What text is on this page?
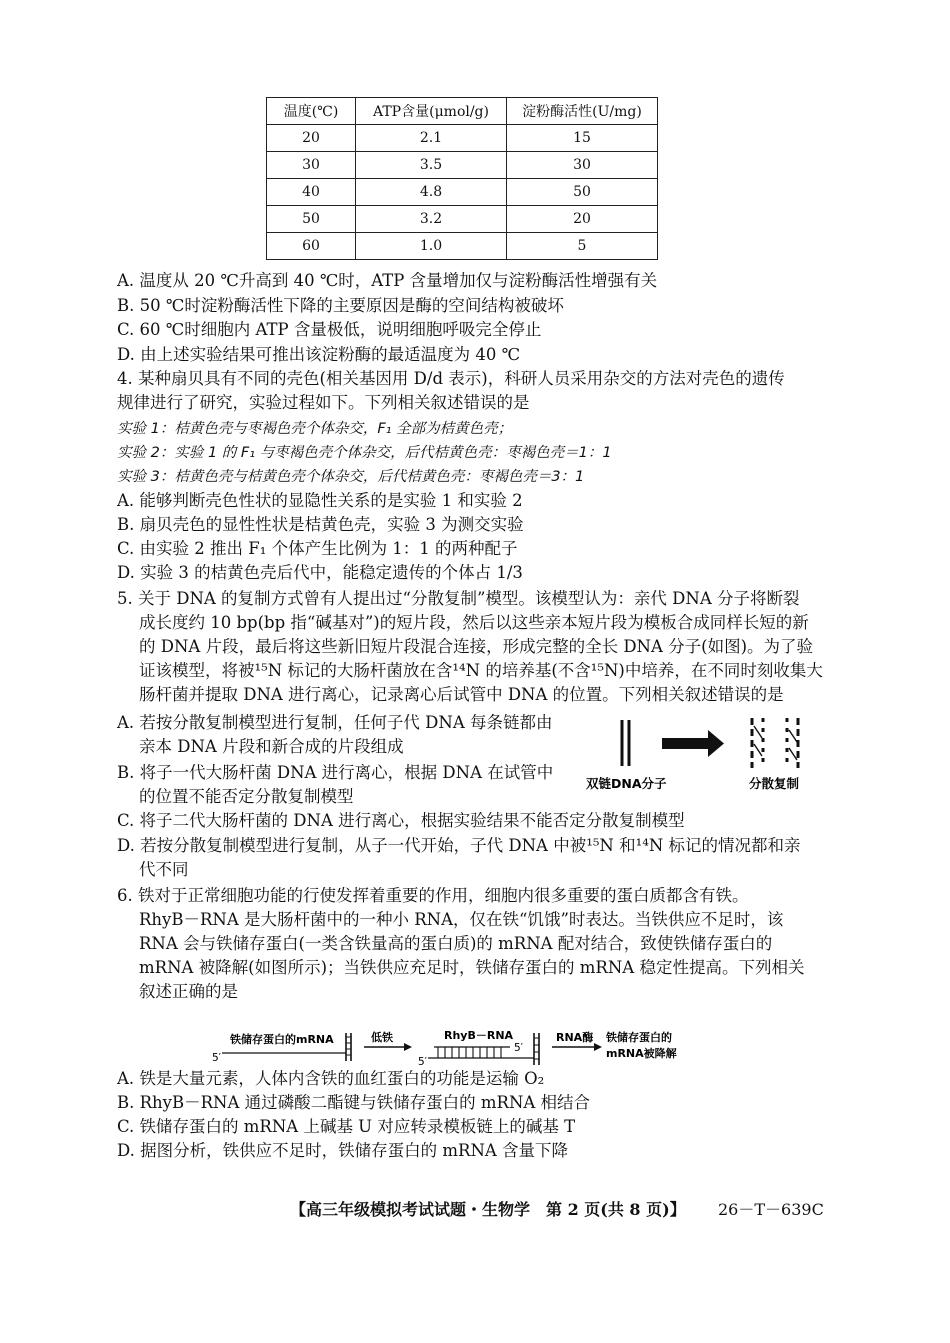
温度(℃)	ATP含量(μmol/g)	淀粉酶活性(U/mg)
20	2.1	15
30	3.5	30
40	4.8	50
50	3.2	20
60	1.0	5
A. 温度从 20 ℃升高到 40 ℃时，ATP 含量增加仅与淀粉酶活性增强有关
B. 50 ℃时淀粉酶活性下降的主要原因是酶的空间结构被破坏
C. 60 ℃时细胞内 ATP 含量极低，说明细胞呼吸完全停止
D. 由上述实验结果可推出该淀粉酶的最适温度为 40 ℃
4. 某种扇贝具有不同的壳色(相关基因用 D/d 表示)，科研人员采用杂交的方法对壳色的遗传
规律进行了研究，实验过程如下。下列相关叙述错误的是
实验 1：桔黄色壳与枣褐色壳个体杂交，F₁ 全部为桔黄色壳；
实验 2：实验 1 的 F₁ 与枣褐色壳个体杂交，后代桔黄色壳：枣褐色壳＝1：1
实验 3：桔黄色壳与桔黄色壳个体杂交，后代桔黄色壳：枣褐色壳＝3：1
A. 能够判断壳色性状的显隐性关系的是实验 1 和实验 2
B. 扇贝壳色的显性性状是桔黄色壳，实验 3 为测交实验
C. 由实验 2 推出 F₁ 个体产生比例为 1：1 的两种配子
D. 实验 3 的桔黄色壳后代中，能稳定遗传的个体占 1/3
5. 关于 DNA 的复制方式曾有人提出过“分散复制”模型。该模型认为：亲代 DNA 分子将断裂
成长度约 10 bp(bp 指“碱基对”)的短片段，然后以这些亲本短片段为模板合成同样长短的新
的 DNA 片段，最后将这些新旧短片段混合连接，形成完整的全长 DNA 分子(如图)。为了验
证该模型，将被¹⁵N 标记的大肠杆菌放在含¹⁴N 的培养基(不含¹⁵N)中培养，在不同时刻收集大
肠杆菌并提取 DNA 进行离心，记录离心后试管中 DNA 的位置。下列相关叙述错误的是
A. 若按分散复制模型进行复制，任何子代 DNA 每条链都由
亲本 DNA 片段和新合成的片段组成
B. 将子一代大肠杆菌 DNA 进行离心，根据 DNA 在试管中
的位置不能否定分散复制模型
C. 将子二代大肠杆菌的 DNA 进行离心，根据实验结果不能否定分散复制模型
D. 若按分散复制模型进行复制，从子一代开始，子代 DNA 中被¹⁵N 和¹⁴N 标记的情况都和亲
代不同
双链DNA分子	分散复制
6. 铁对于正常细胞功能的行使发挥着重要的作用，细胞内很多重要的蛋白质都含有铁。
RhyB－RNA 是大肠杆菌中的一种小 RNA，仅在铁“饥饿”时表达。当铁供应不足时，该
RNA 会与铁储存蛋白(一类含铁量高的蛋白质)的 mRNA 配对结合，致使铁储存蛋白的
mRNA 被降解(如图所示)；当铁供应充足时，铁储存蛋白的 mRNA 稳定性提高。下列相关
叙述正确的是
铁储存蛋白的mRNA
5′
低铁	RhyB－RNA
5′
5′
RNA酶 铁储存蛋白的
mRNA被降解
A. 铁是大量元素，人体内含铁的血红蛋白的功能是运输 O₂
B. RhyB－RNA 通过磷酸二酯键与铁储存蛋白的 mRNA 相结合
C. 铁储存蛋白的 mRNA 上碱基 U 对应转录模板链上的碱基 T
D. 据图分析，铁供应不足时，铁储存蛋白的 mRNA 含量下降
【高三年级模拟考试试题・生物学　第 2 页(共 8 页)】 26－T－639C
